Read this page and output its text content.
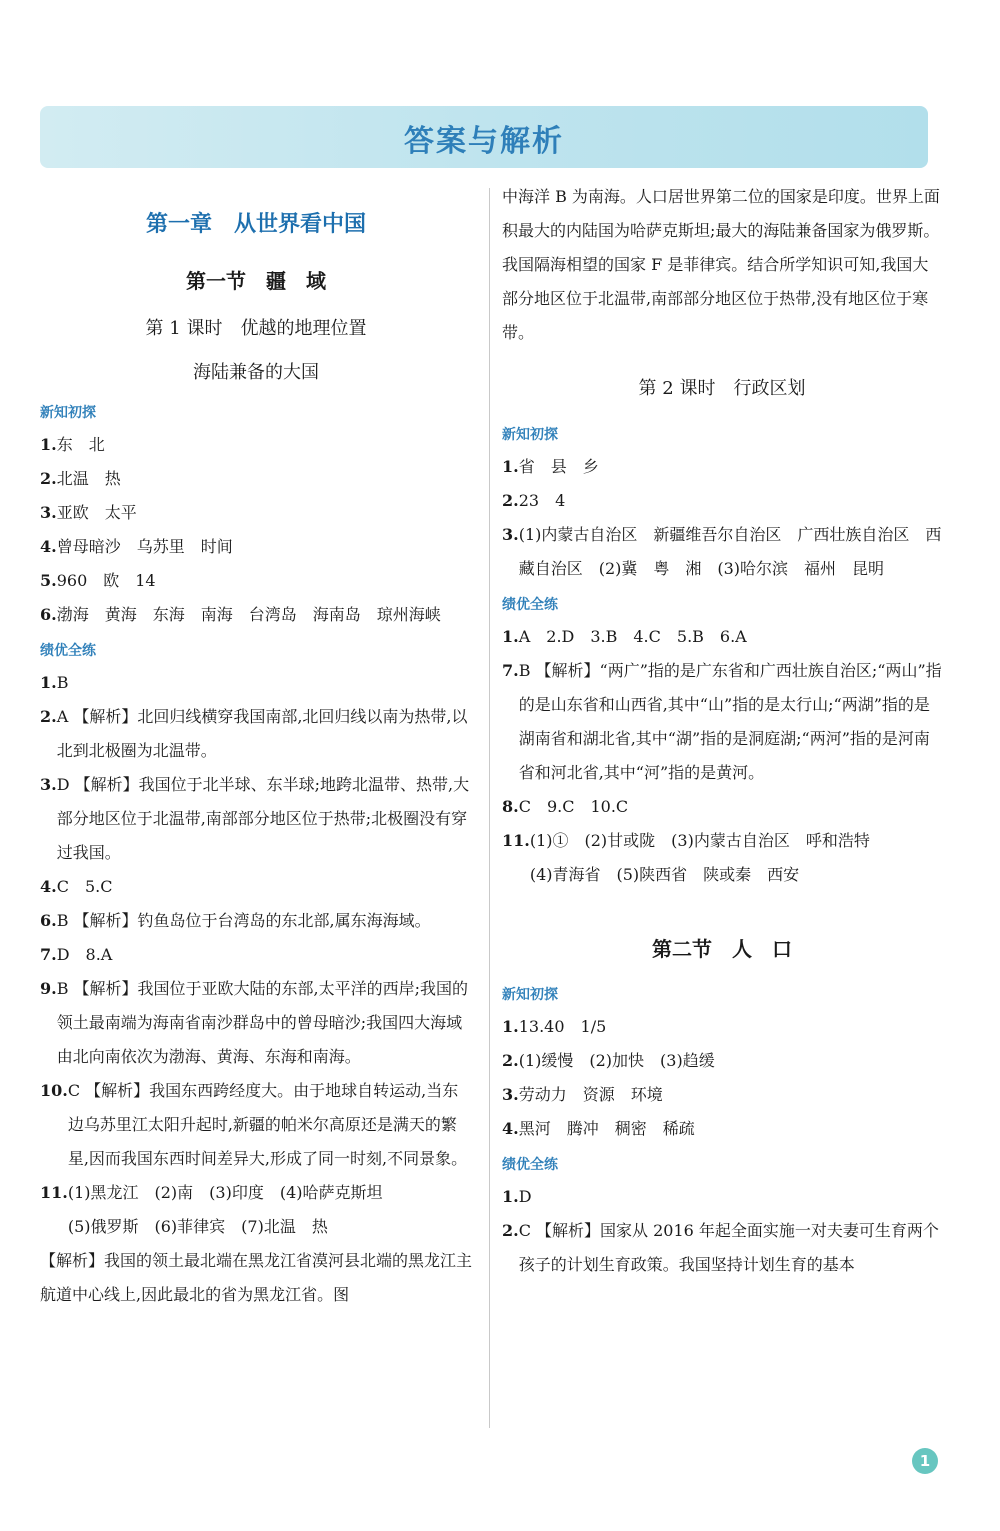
答案与解析
第一章　从世界看中国
第一节　疆　域
第 1 课时　优越的地理位置
海陆兼备的大国
新知初探
1. 东　北
2. 北温　热
3. 亚欧　太平
4. 曾母暗沙　乌苏里　时间
5. 960　欧　14
6. 渤海　黄海　东海　南海　台湾岛　海南岛　琼州海峡
绩优全练
1. B
2. A 【解析】北回归线横穿我国南部,北回归线以南为热带,以北到北极圈为北温带。
3. D 【解析】我国位于北半球、东半球;地跨北温带、热带,大部分地区位于北温带,南部部分地区位于热带;北极圈没有穿过我国。
4. C　5.C
6. B 【解析】钓鱼岛位于台湾岛的东北部,属东海海域。
7. D　8.A
9. B 【解析】我国位于亚欧大陆的东部,太平洋的西岸;我国的领土最南端为海南省南沙群岛中的曾母暗沙;我国四大海域由北向南依次为渤海、黄海、东海和南海。
10. C 【解析】我国东西跨经度大。由于地球自转运动,当东边乌苏里江太阳升起时,新疆的帕米尔高原还是满天的繁星,因而我国东西时间差异大,形成了同一时刻,不同景象。
11. (1)黑龙江　(2)南　(3)印度　(4)哈萨克斯坦
(5)俄罗斯　(6)菲律宾　(7)北温　热
【解析】我国的领土最北端在黑龙江省漠河县北端的黑龙江主航道中心线上,因此最北的省为黑龙江省。图
中海洋 B 为南海。人口居世界第二位的国家是印度。世界上面积最大的内陆国为哈萨克斯坦;最大的海陆兼备国家为俄罗斯。我国隔海相望的国家 F 是菲律宾。结合所学知识可知,我国大部分地区位于北温带,南部部分地区位于热带,没有地区位于寒带。
第 2 课时　行政区划
新知初探
1. 省　县　乡
2. 23　4
3. (1)内蒙古自治区　新疆维吾尔自治区　广西壮族自治区　西藏自治区　(2)冀　粤　湘　(3)哈尔滨　福州　昆明
绩优全练
1. A　2.D　3.B　4.C　5.B　6.A
7. B 【解析】“两广”指的是广东省和广西壮族自治区;“两山”指的是山东省和山西省,其中“山”指的是太行山;“两湖”指的是湖南省和湖北省,其中“湖”指的是洞庭湖;“两河”指的是河南省和河北省,其中“河”指的是黄河。
8. C　9.C　10.C
11. (1)①　(2)甘或陇　(3)内蒙古自治区　呼和浩特
(4)青海省　(5)陕西省　陕或秦　西安
第二节　人　口
新知初探
1. 13.40　1/5
2. (1)缓慢　(2)加快　(3)趋缓
3. 劳动力　资源　环境
4. 黑河　腾冲　稠密　稀疏
绩优全练
1. D
2. C 【解析】国家从 2016 年起全面实施一对夫妻可生育两个孩子的计划生育政策。我国坚持计划生育的基本
1
